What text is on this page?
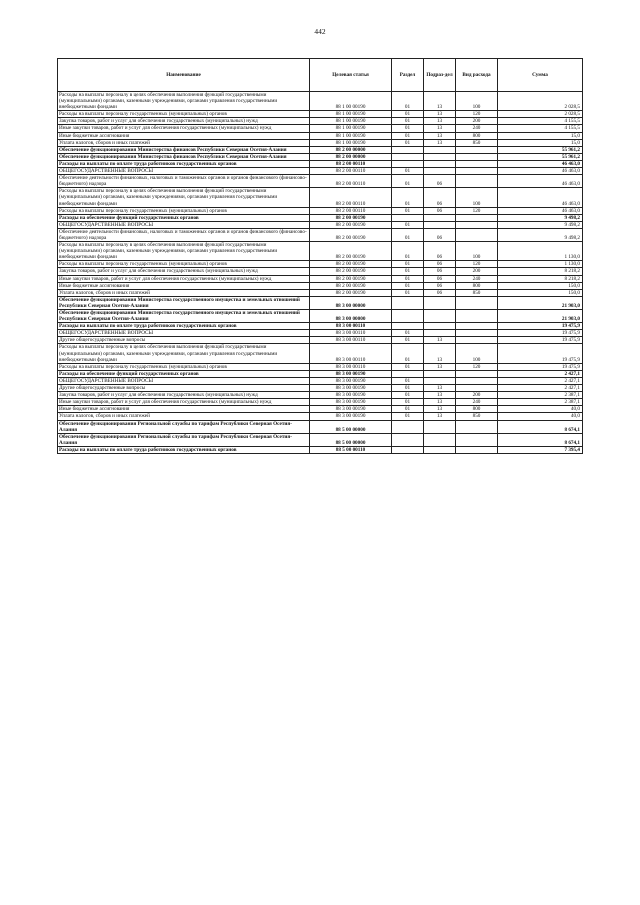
442
Наименование	Целевая статья	Раздел	Подраз-дел	Вид расхода	Сумма
Расходы на выплаты персоналу в целях обеспечения выполнения функций государственными (муниципальными) органами, казенными учреждениями, органами управления государственными внебюджетными фондами	88 1 00 00190	01	13	100	2 028,5
Расходы на выплаты персоналу государственных (муниципальных) органов	88 1 00 00190	01	13	120	2 028,5
Закупка товаров, работ и услуг для обеспечения государственных (муниципальных) нужд	88 1 00 00190	01	13	200	4 155,5
Иные закупки товаров, работ и услуг для обеспечения государственных (муниципальных) нужд	88 1 00 00190	01	13	240	4 155,5
Иные бюджетные ассигнования	88 1 00 00190	01	13	800	15,0
Уплата налогов, сборов и иных платежей	88 1 00 00190	01	13	850	15,0
Обеспечение функционирования Министерства финансов Республики Северная Осетия-Алания	88 2 00 00000				55 961,2
Обеспечение функционирования Министерства финансов Республики Северная Осетия-Алания	88 2 00 00000				55 961,2
Расходы на выплаты по оплате труда работников государственных органов	88 2 00 00110				46 463,0
ОБЩЕГОСУДАРСТВЕННЫЕ ВОПРОСЫ	88 2 00 00110	01			46 463,0
Обеспечение деятельности финансовых, налоговых и таможенных органов и органов финансового (финансово-бюджетного) надзора	88 2 00 00110	01	06		46 463,0
Расходы на выплаты персоналу в целях обеспечения выполнения функций государственными (муниципальными) органами, казенными учреждениями, органами управления государственными внебюджетными фондами	88 2 00 00110	01	06	100	46 463,0
Расходы на выплаты персоналу государственных (муниципальных) органов	88 2 00 00110	01	06	120	46 463,0
Расходы на обеспечение функций государственных органов	88 2 00 00190				9 498,2
ОБЩЕГОСУДАРСТВЕННЫЕ ВОПРОСЫ	88 2 00 00190	01			9 498,2
Обеспечение деятельности финансовых, налоговых и таможенных органов и органов финансового (финансово-бюджетного) надзора	88 2 00 00190	01	06		9 498,2
Расходы на выплаты персоналу в целях обеспечения выполнения функций государственными (муниципальными) органами, казенными учреждениями, органами управления государственными внебюджетными фондами	88 2 00 00190	01	06	100	1 130,0
Расходы на выплаты персоналу государственных (муниципальных) органов	88 2 00 00190	01	06	120	1 130,0
Закупка товаров, работ и услуг для обеспечения государственных (муниципальных) нужд	88 2 00 00190	01	06	200	8 218,2
Иные закупки товаров, работ и услуг для обеспечения государственных (муниципальных) нужд	88 2 00 00190	01	06	240	8 218,2
Иные бюджетные ассигнования	88 2 00 00190	01	06	800	150,0
Уплата налогов, сборов и иных платежей	88 2 00 00190	01	06	850	150,0
Обеспечение функционирования Министерства государственного имущества и земельных отношений Республики Северная Осетия-Алания	88 3 00 00000				21 903,0
Обеспечение функционирования Министерства государственного имущества и земельных отношений Республики Северная Осетия-Алания	88 3 00 00000				21 903,0
Расходы на выплаты по оплате труда работников государственных органов	88 3 00 00110				19 475,9
ОБЩЕГОСУДАРСТВЕННЫЕ ВОПРОСЫ	88 3 00 00110	01			19 475,9
Другие общегосударственные вопросы	88 3 00 00110	01	13		19 475,9
Расходы на выплаты персоналу в целях обеспечения выполнения функций государственными (муниципальными) органами, казенными учреждениями, органами управления государственными внебюджетными фондами	88 3 00 00110	01	13	100	19 475,9
Расходы на выплаты персоналу государственных (муниципальных) органов	88 3 00 00110	01	13	120	19 475,9
Расходы на обеспечение функций государственных органов	88 3 00 00190				2 427,1
ОБЩЕГОСУДАРСТВЕННЫЕ ВОПРОСЫ	88 3 00 00190	01			2 427,1
Другие общегосударственные вопросы	88 3 00 00190	01	13		2 427,1
Закупка товаров, работ и услуг для обеспечения государственных (муниципальных) нужд	88 3 00 00190	01	13	200	2 387,1
Иные закупки товаров, работ и услуг для обеспечения государственных (муниципальных) нужд	88 3 00 00190	01	13	240	2 387,1
Иные бюджетные ассигнования	88 3 00 00190	01	13	800	40,0
Уплата налогов, сборов и иных платежей	88 3 00 00190	01	13	850	40,0
Обеспечение функционирования Региональной службы по тарифам Республики Северная Осетия-Алания	88 5 00 00000				8 674,1
Обеспечение функционирования Региональной службы по тарифам Республики Северная Осетия-Алания	88 5 00 00000				8 674,1
Расходы на выплаты по оплате труда работников государственных органов	88 5 00 00110				7 395,4
